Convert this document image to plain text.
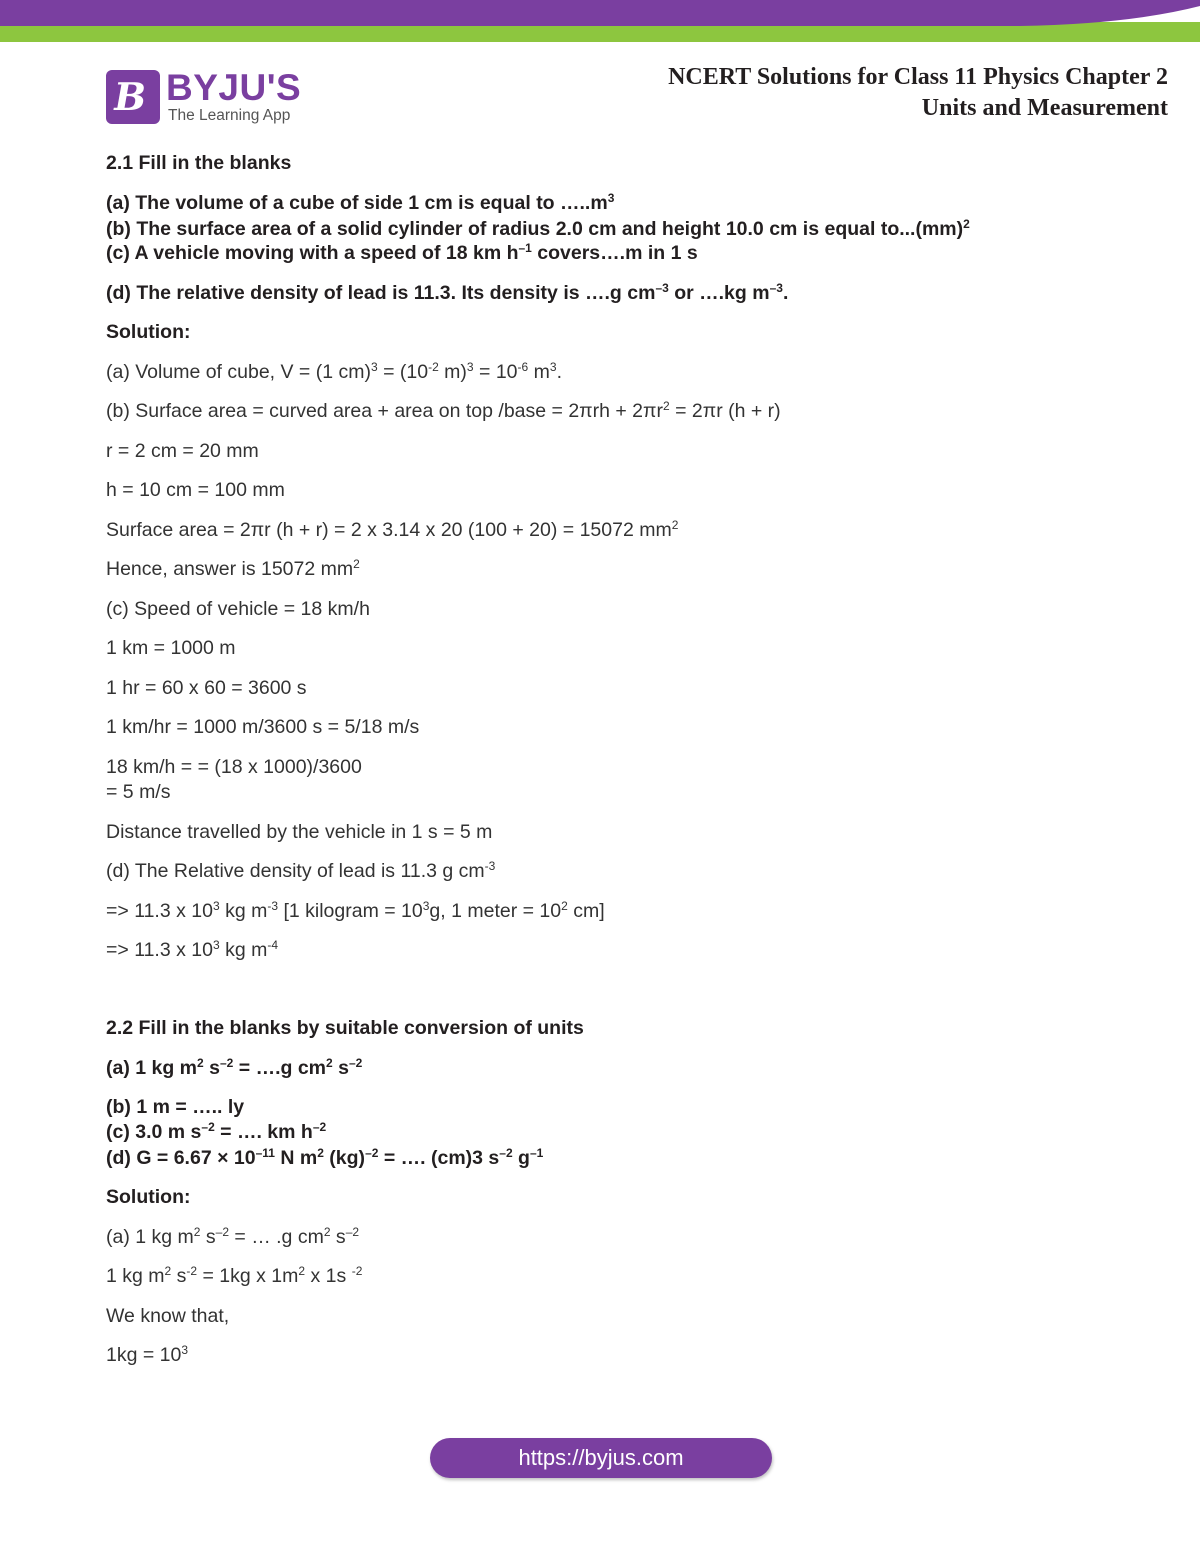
B BYJU'S
The Learning App
NCERT Solutions for Class 11 Physics Chapter 2
Units and Measurement
2.1 Fill in the blanks
(a) The volume of a cube of side 1 cm is equal to $\dots..m^3$
(b) The surface area of a solid cylinder of radius 2.0 cm and height 10.0 cm is equal to...(mm)$^2$
(c) A vehicle moving with a speed of 18 km $h^{-1}$ covers….m in 1 s
(d) The relative density of lead is 11.3. Its density is ….g $cm^{-3}$ or ….kg $m^{-3}$.
Solution:
(a) Volume of cube, V = (1 $cm)^3 = (10^{-2}$ $m)^3 = 10^{-6}$ $m^3$.
(b) Surface area = curved area + area on top /base = $2\pi rh + 2\pi r^2 = 2\pi r$ (h + r)
r = 2 cm = 20 mm
h = 10 cm = 100 mm
Surface area = 2πr (h + r) = 2 x 3.14 x 20 (100 + 20) = 15072 $mm^2$
Hence, answer is 15072 $mm^2$
(c) Speed of vehicle = 18 km/h
1 km = 1000 m
1 hr = 60 x 60 = 3600 s
1 km/hr = 1000 m/3600 s = 5/18 m/s
18 km/h = = (18 x 1000)/3600
= 5 m/s
Distance travelled by the vehicle in 1 s = 5 m
(d) The Relative density of lead is 11.3 g $cm^{-3}$
=> 11.3 x $10^3$ kg $m^{-3}$ [1 kilogram = $10^3g$, 1 meter = $10^2$ cm]
=> 11.3 x $10^3$ kg $m^{-4}$
2.2 Fill in the blanks by suitable conversion of units
(a) 1 kg $m^2$ $s^{-2}$ = ….g $cm^2$ $s^{-2}$
(b) 1 m = ….. ly
(c) 3.0 m $s^{-2}$ = …. km $h^{-2}$
(d) $G = 6.67 \times 10^{-11}$ N $m^2$ (kg)$^{-2}$ = …. (cm)3 $s^{-2}$ $g^{-1}$
Solution:
(a) 1 kg $m^2$ $s^{-2}$ = … .g $cm^2$ $s^{-2}$
1 kg $m^2$ $s^{-2} = 1kg$ x $1m^2$ x 1s $^{-2}$
We know that,
$1kg = 10^3$
https://byjus.com
